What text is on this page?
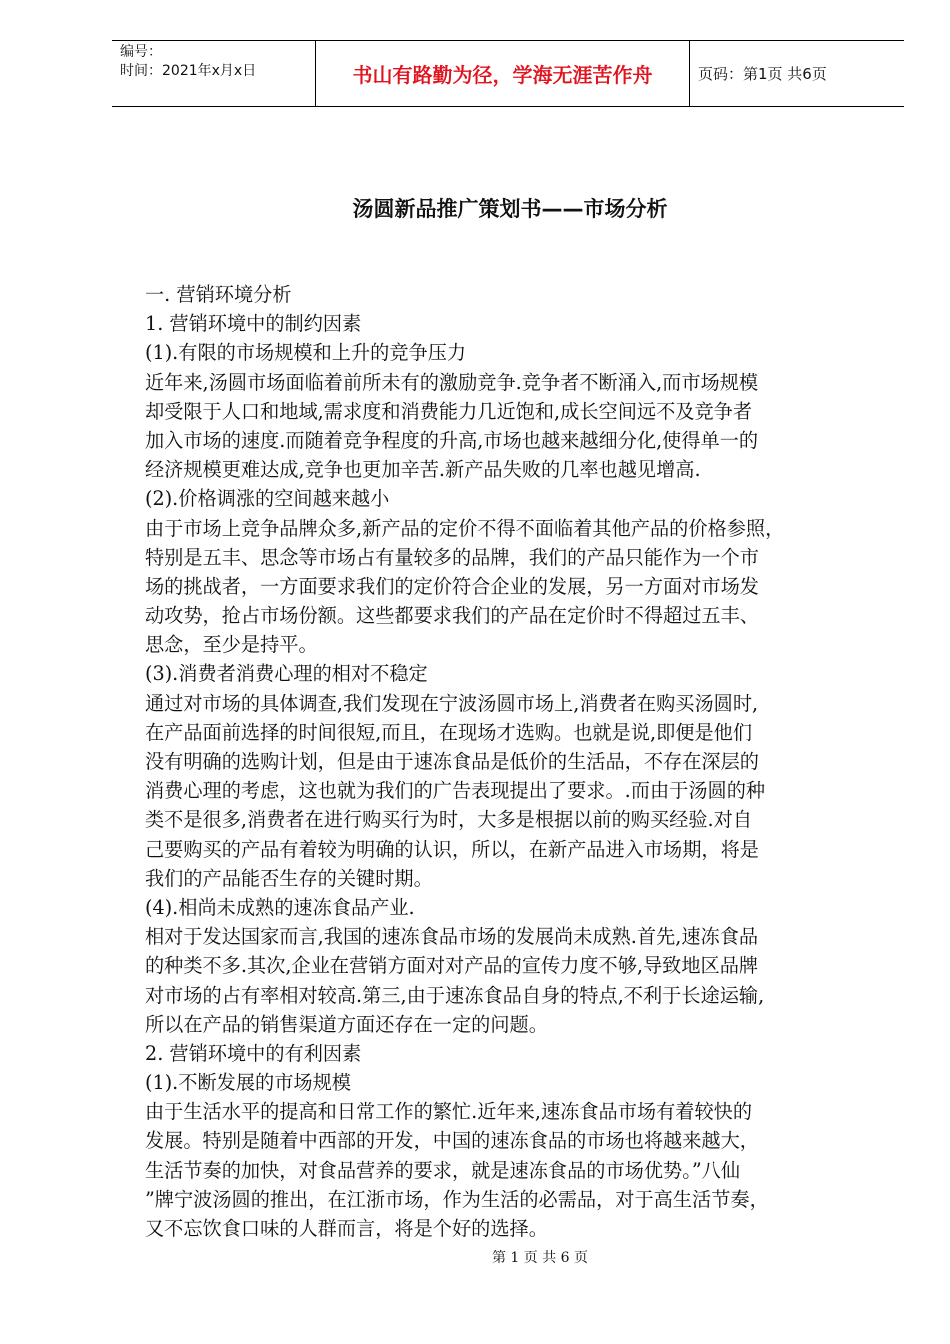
编号：
时间：2021年x月x日	书山有路勤为径，学海无涯苦作舟	页码：第1页 共6页
汤圆新品推广策划书——市场分析
一. 营销环境分析
1. 营销环境中的制约因素
(1).有限的市场规模和上升的竞争压力
近年来,汤圆市场面临着前所未有的激励竞争.竞争者不断涌入,而市场规模
却受限于人口和地域,需求度和消费能力几近饱和,成长空间远不及竞争者
加入市场的速度.而随着竞争程度的升高,市场也越来越细分化,使得单一的
经济规模更难达成,竞争也更加辛苦.新产品失败的几率也越见增高.
(2).价格调涨的空间越来越小
由于市场上竞争品牌众多,新产品的定价不得不面临着其他产品的价格参照，
特别是五丰、思念等市场占有量较多的品牌，我们的产品只能作为一个市
场的挑战者，一方面要求我们的定价符合企业的发展，另一方面对市场发
动攻势，抢占市场份额。这些都要求我们的产品在定价时不得超过五丰、
思念，至少是持平。
(3).消费者消费心理的相对不稳定
通过对市场的具体调查,我们发现在宁波汤圆市场上,消费者在购买汤圆时,
在产品面前选择的时间很短,而且，在现场才选购。也就是说,即便是他们
没有明确的选购计划，但是由于速冻食品是低价的生活品，不存在深层的
消费心理的考虑，这也就为我们的广告表现提出了要求。.而由于汤圆的种
类不是很多,消费者在进行购买行为时，大多是根据以前的购买经验.对自
己要购买的产品有着较为明确的认识，所以，在新产品进入市场期，将是
我们的产品能否生存的关键时期。
(4).相尚未成熟的速冻食品产业.
相对于发达国家而言,我国的速冻食品市场的发展尚未成熟.首先,速冻食品
的种类不多.其次,企业在营销方面对对产品的宣传力度不够,导致地区品牌
对市场的占有率相对较高.第三,由于速冻食品自身的特点,不利于长途运输,
所以在产品的销售渠道方面还存在一定的问题。
2. 营销环境中的有利因素
(1).不断发展的市场规模
由于生活水平的提高和日常工作的繁忙.近年来,速冻食品市场有着较快的
发展。特别是随着中西部的开发，中国的速冻食品的市场也将越来越大，
生活节奏的加快，对食品营养的要求，就是速冻食品的市场优势。”八仙
”牌宁波汤圆的推出，在江浙市场，作为生活的必需品，对于高生活节奏，
又不忘饮食口味的人群而言，将是个好的选择。
第 1 页 共 6 页
